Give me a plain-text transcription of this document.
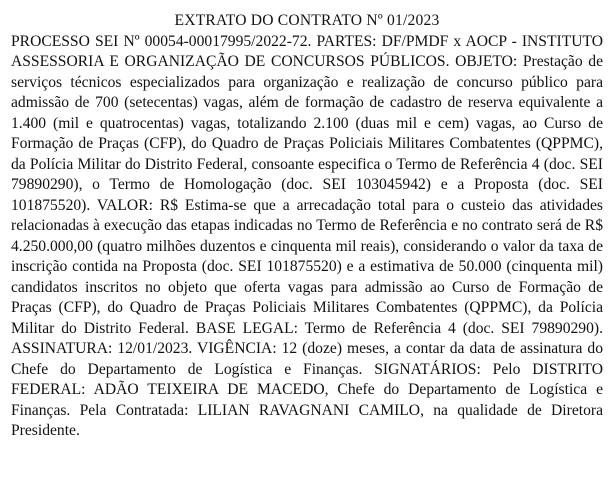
EXTRATO DO CONTRATO Nº 01/2023

PROCESSO SEI Nº 00054-00017995/2022-72. PARTES: DF/PMDF x AOCP - INSTITUTO ASSESSORIA E ORGANIZAÇÃO DE CONCURSOS PÚBLICOS. OBJETO: Prestação de serviços técnicos especializados para organização e realização de concurso público para admissão de 700 (setecentas) vagas, além de formação de cadastro de reserva equivalente a 1.400 (mil e quatrocentas) vagas, totalizando 2.100 (duas mil e cem) vagas, ao Curso de Formação de Praças (CFP), do Quadro de Praças Policiais Militares Combatentes (QPPMC), da Polícia Militar do Distrito Federal, consoante especifica o Termo de Referência 4 (doc. SEI 79890290), o Termo de Homologação (doc. SEI 103045942) e a Proposta (doc. SEI 101875520). VALOR: R$ Estima-se que a arrecadação total para o custeio das atividades relacionadas à execução das etapas indicadas no Termo de Referência e no contrato será de R$ 4.250.000,00 (quatro milhões duzentos e cinquenta mil reais), considerando o valor da taxa de inscrição contida na Proposta (doc. SEI 101875520) e a estimativa de 50.000 (cinquenta mil) candidatos inscritos no objeto que oferta vagas para admissão ao Curso de Formação de Praças (CFP), do Quadro de Praças Policiais Militares Combatentes (QPPMC), da Polícia Militar do Distrito Federal. BASE LEGAL: Termo de Referência 4 (doc. SEI 79890290). ASSINATURA: 12/01/2023. VIGÊNCIA: 12 (doze) meses, a contar da data de assinatura do Chefe do Departamento de Logística e Finanças. SIGNATÁRIOS: Pelo DISTRITO FEDERAL: ADÃO TEIXEIRA DE MACEDO, Chefe do Departamento de Logística e Finanças. Pela Contratada: LILIAN RAVAGNANI CAMILO, na qualidade de Diretora Presidente.
